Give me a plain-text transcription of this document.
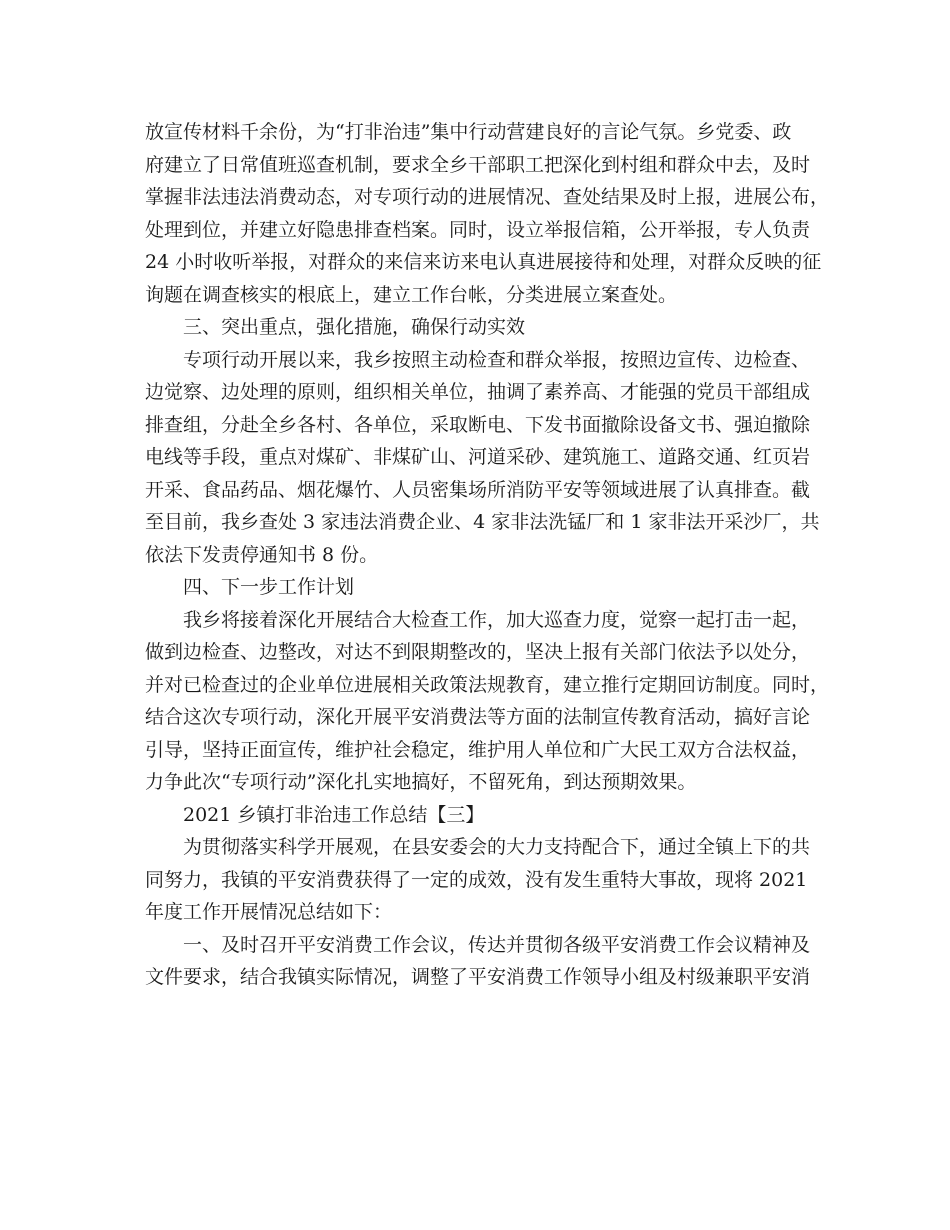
放宣传材料千余份，为“打非治违”集中行动营建良好的言论气氛。乡党委、政
府建立了日常值班巡查机制，要求全乡干部职工把深化到村组和群众中去，及时
掌握非法违法消费动态，对专项行动的进展情况、查处结果及时上报，进展公布，
处理到位，并建立好隐患排查档案。同时，设立举报信箱，公开举报，专人负责
24 小时收听举报，对群众的来信来访来电认真进展接待和处理，对群众反映的征
询题在调查核实的根底上，建立工作台帐，分类进展立案查处。
三、突出重点，强化措施，确保行动实效
专项行动开展以来，我乡按照主动检查和群众举报，按照边宣传、边检查、
边觉察、边处理的原则，组织相关单位，抽调了素养高、才能强的党员干部组成
排查组，分赴全乡各村、各单位，采取断电、下发书面撤除设备文书、强迫撤除
电线等手段，重点对煤矿、非煤矿山、河道采砂、建筑施工、道路交通、红页岩
开采、食品药品、烟花爆竹、人员密集场所消防平安等领域进展了认真排查。截
至目前，我乡查处 3 家违法消费企业、4 家非法洗锰厂和 1 家非法开采沙厂，共
依法下发责停通知书 8 份。
四、下一步工作计划
我乡将接着深化开展结合大检查工作，加大巡查力度，觉察一起打击一起，
做到边检查、边整改，对达不到限期整改的，坚决上报有关部门依法予以处分，
并对已检查过的企业单位进展相关政策法规教育，建立推行定期回访制度。同时，
结合这次专项行动，深化开展平安消费法等方面的法制宣传教育活动，搞好言论
引导，坚持正面宣传，维护社会稳定，维护用人单位和广大民工双方合法权益，
力争此次“专项行动”深化扎实地搞好，不留死角，到达预期效果。
2021 乡镇打非治违工作总结【三】
为贯彻落实科学开展观，在县安委会的大力支持配合下，通过全镇上下的共
同努力，我镇的平安消费获得了一定的成效，没有发生重特大事故，现将 2021
年度工作开展情况总结如下：
一、及时召开平安消费工作会议，传达并贯彻各级平安消费工作会议精神及
文件要求，结合我镇实际情况，调整了平安消费工作领导小组及村级兼职平安消
